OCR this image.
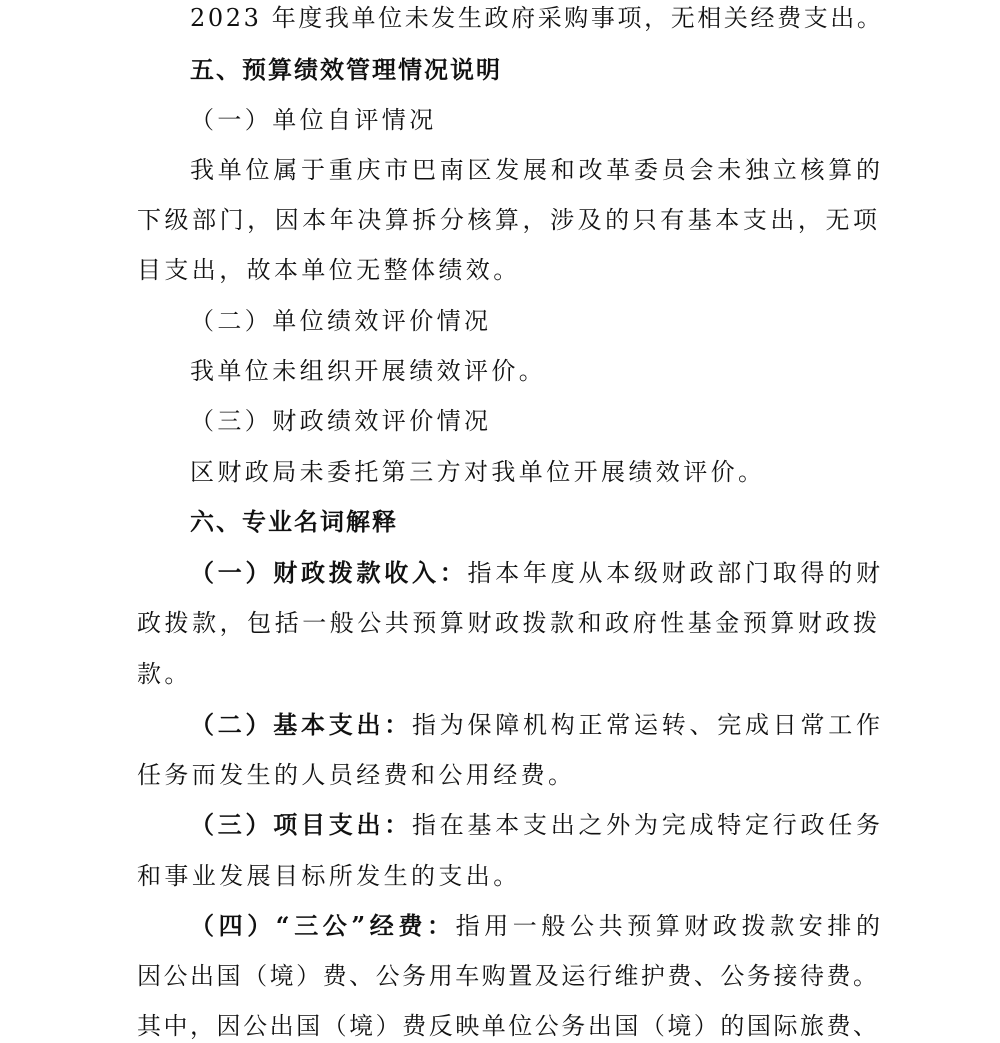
2023 年度我单位未发生政府采购事项，无相关经费支出。
五、预算绩效管理情况说明
（一）单位自评情况
我单位属于重庆市巴南区发展和改革委员会未独立核算的
下级部门，因本年决算拆分核算，涉及的只有基本支出，无项
目支出，故本单位无整体绩效。
（二）单位绩效评价情况
我单位未组织开展绩效评价。
（三）财政绩效评价情况
区财政局未委托第三方对我单位开展绩效评价。
六、专业名词解释
（一）财政拨款收入：指本年度从本级财政部门取得的财
政拨款，包括一般公共预算财政拨款和政府性基金预算财政拨
款。
（二）基本支出：指为保障机构正常运转、完成日常工作
任务而发生的人员经费和公用经费。
（三）项目支出：指在基本支出之外为完成特定行政任务
和事业发展目标所发生的支出。
（四）“三公”经费：指用一般公共预算财政拨款安排的
因公出国（境）费、公务用车购置及运行维护费、公务接待费。
其中，因公出国（境）费反映单位公务出国（境）的国际旅费、
